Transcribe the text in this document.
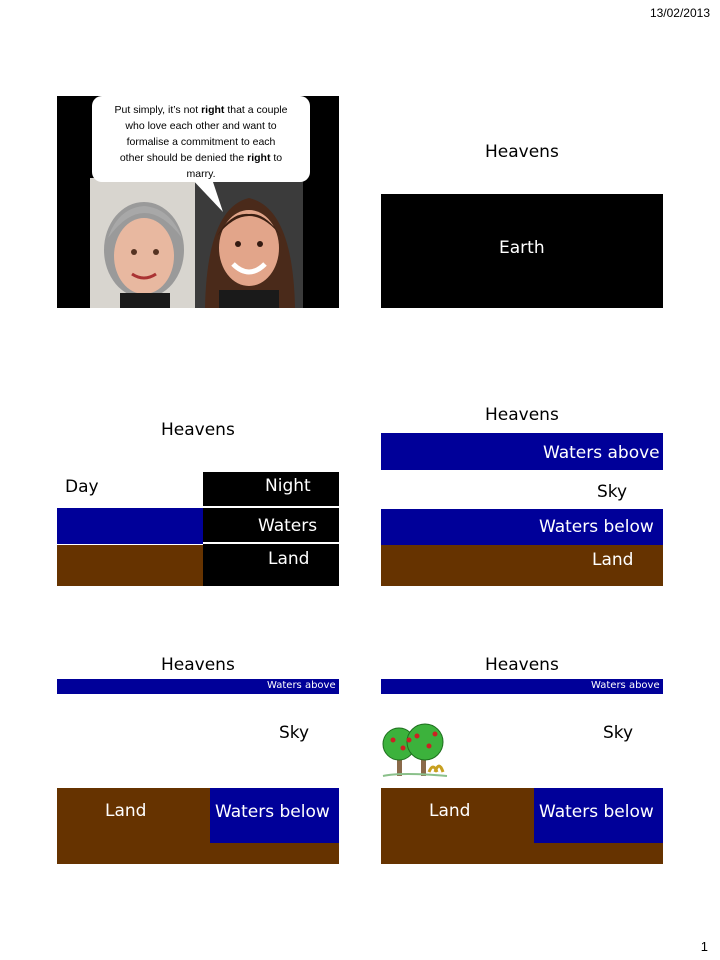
13/02/2013
Put simply, it’s not right that a couple
who love each other and want to
formalise a commitment to each
other should be denied the right to
marry.
Heavens
Earth
Heavens
Day	Night
Waters
Land
Heavens
Waters above
Sky
Waters below
Land
Heavens
Waters above
Sky
Land	Waters below
Heavens
Waters above
Sky
Land	Waters below
1
